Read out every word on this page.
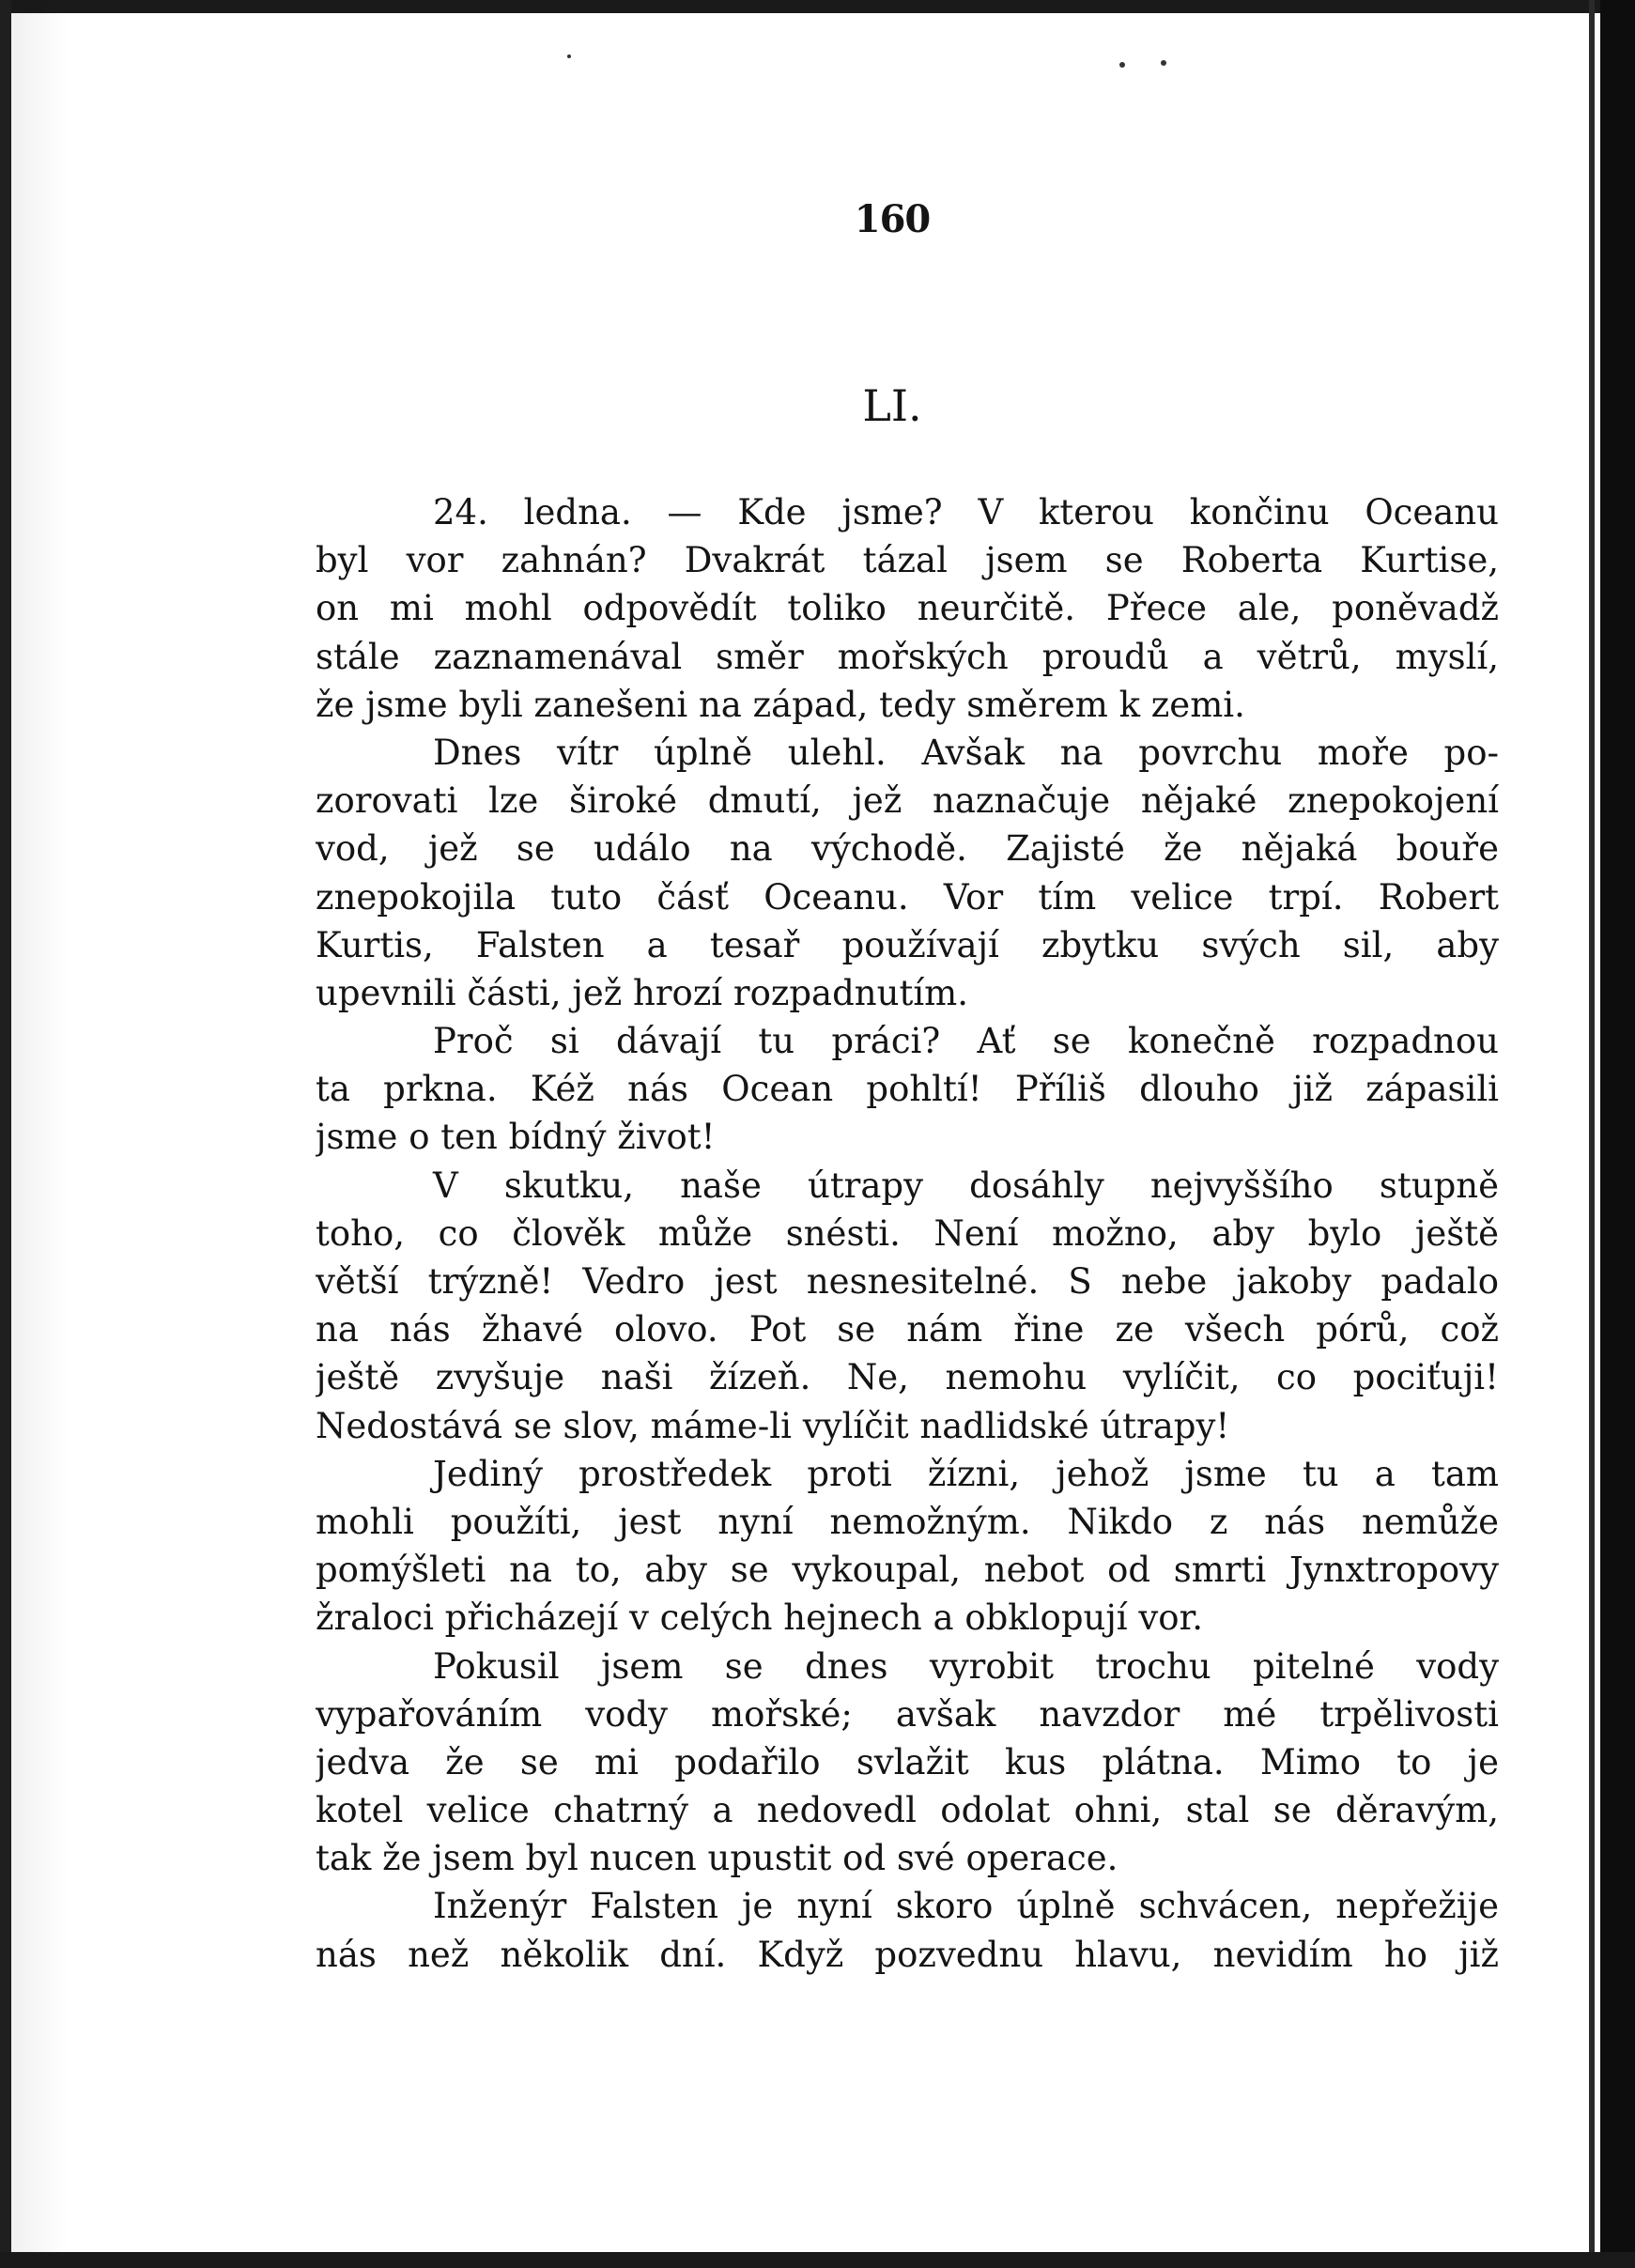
160
LI.
24. ledna. — Kde jsme? V kterou končinu Oceanu
byl vor zahnán? Dvakrát tázal jsem se Roberta Kurtise,
on mi mohl odpovědít toliko neurčitě. Přece ale, poněvadž
stále zaznamenával směr mořských proudů a větrů, myslí,
že jsme byli zanešeni na západ, tedy směrem k zemi.
Dnes vítr úplně ulehl. Avšak na povrchu moře po-
zorovati lze široké dmutí, jež naznačuje nějaké znepokojení
vod, jež se událo na východě. Zajisté že nějaká bouře
znepokojila tuto čásť Oceanu. Vor tím velice trpí. Robert
Kurtis, Falsten a tesař používají zbytku svých sil, aby
upevnili části, jež hrozí rozpadnutím.
Proč si dávají tu práci? Ať se konečně rozpadnou
ta prkna. Kéž nás Ocean pohltí! Příliš dlouho již zápasili
jsme o ten bídný život!
V skutku, naše útrapy dosáhly nejvyššího stupně
toho, co člověk může snésti. Není možno, aby bylo ještě
větší trýzně! Vedro jest nesnesitelné. S nebe jakoby padalo
na nás žhavé olovo. Pot se nám řine ze všech pórů, což
ještě zvyšuje naši žízeň. Ne, nemohu vylíčit, co pociťuji!
Nedostává se slov, máme-li vylíčit nadlidské útrapy!
Jediný prostředek proti žízni, jehož jsme tu a tam
mohli použíti, jest nyní nemožným. Nikdo z nás nemůže
pomýšleti na to, aby se vykoupal, nebot od smrti Jynxtropovy
žraloci přicházejí v celých hejnech a obklopují vor.
Pokusil jsem se dnes vyrobit trochu pitelné vody
vypařováním vody mořské; avšak navzdor mé trpělivosti
jedva že se mi podařilo svlažit kus plátna. Mimo to je
kotel velice chatrný a nedovedl odolat ohni, stal se děravým,
tak že jsem byl nucen upustit od své operace.
Inženýr Falsten je nyní skoro úplně schvácen, nepřežije
nás než několik dní. Když pozvednu hlavu, nevidím ho již
